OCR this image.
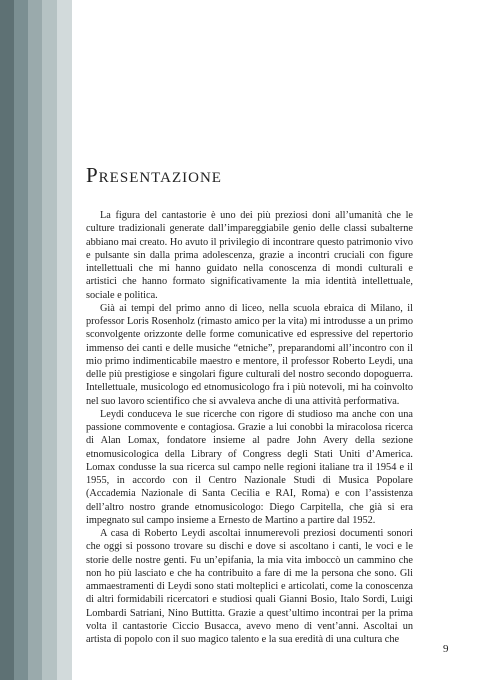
Presentazione

La figura del cantastorie è uno dei più preziosi doni all’umanità che le culture tradizionali generate dall’impareggiabile genio delle classi subalterne abbiano mai creato. Ho avuto il privilegio di incontrare questo patrimonio vivo e pulsante sin dalla prima adolescenza, grazie a incontri cruciali con figure intellettuali che mi hanno guidato nella conoscenza di mondi culturali e artistici che hanno formato significativamente la mia identità intellettuale, sociale e politica.

Già ai tempi del primo anno di liceo, nella scuola ebraica di Milano, il professor Loris Rosenholz (rimasto amico per la vita) mi introdusse a un primo sconvolgente orizzonte delle forme comunicative ed espressive del repertorio immenso dei canti e delle musiche “etniche”, preparandomi all’incontro con il mio primo indimenticabile maestro e mentore, il professor Roberto Leydi, una delle più prestigiose e singolari figure culturali del nostro secondo dopoguerra. Intellettuale, musicologo ed etnomusicologo fra i più notevoli, mi ha coinvolto nel suo lavoro scientifico che si avvaleva anche di una attività performativa.

Leydi conduceva le sue ricerche con rigore di studioso ma anche con una passione commovente e contagiosa. Grazie a lui conobbi la miracolosa ricerca di Alan Lomax, fondatore insieme al padre John Avery della sezione etnomusicologica della Library of Congress degli Stati Uniti d’America. Lomax condusse la sua ricerca sul campo nelle regioni italiane tra il 1954 e il 1955, in accordo con il Centro Nazionale Studi di Musica Popolare (Accademia Nazionale di Santa Cecilia e RAI, Roma) e con l’assistenza dell’altro nostro grande etnomusicologo: Diego Carpitella, che già si era impegnato sul campo insieme a Ernesto de Martino a partire dal 1952.

A casa di Roberto Leydi ascoltai innumerevoli preziosi documenti sonori che oggi si possono trovare su dischi e dove si ascoltano i canti, le voci e le storie delle nostre genti. Fu un’epifania, la mia vita imboccò un cammino che non ho più lasciato e che ha contribuito a fare di me la persona che sono. Gli ammaestramenti di Leydi sono stati molteplici e articolati, come la conoscenza di altri formidabili ricercatori e studiosi quali Gianni Bosio, Italo Sordi, Luigi Lombardi Satriani, Nino Buttitta. Grazie a quest’ultimo incontrai per la prima volta il cantastorie Ciccio Busacca, avevo meno di vent’anni. Ascoltai un artista di popolo con il suo magico talento e la sua eredità di una cultura che

9
